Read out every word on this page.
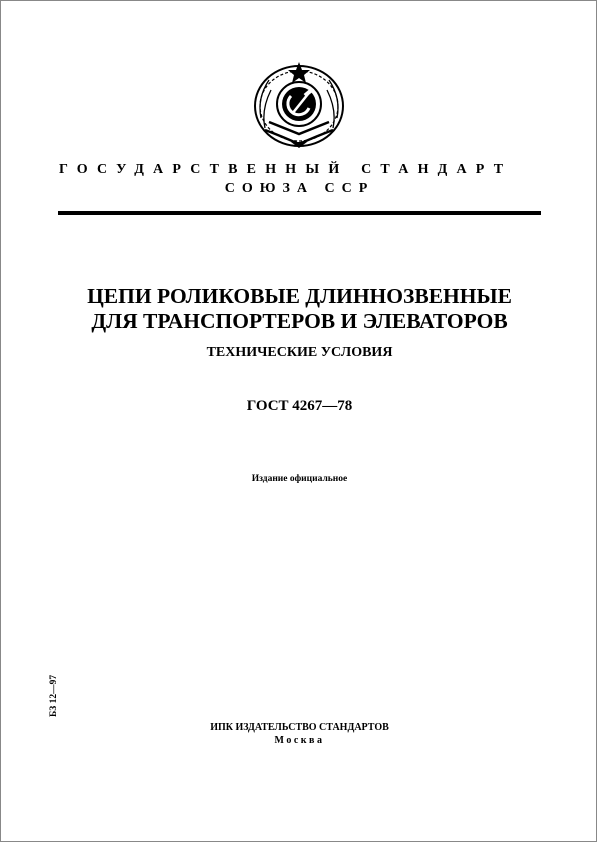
ГОСУДАРСТВЕННЫЙ СТАНДАРТ
СОЮЗА ССР
ЦЕПИ РОЛИКОВЫЕ ДЛИННОЗВЕННЫЕ
ДЛЯ ТРАНСПОРТЕРОВ И ЭЛЕВАТОРОВ
ТЕХНИЧЕСКИЕ УСЛОВИЯ
ГОСТ 4267—78
Издание официальное
БЗ 12—97
ИПК ИЗДАТЕЛЬСТВО СТАНДАРТОВ
Москва
